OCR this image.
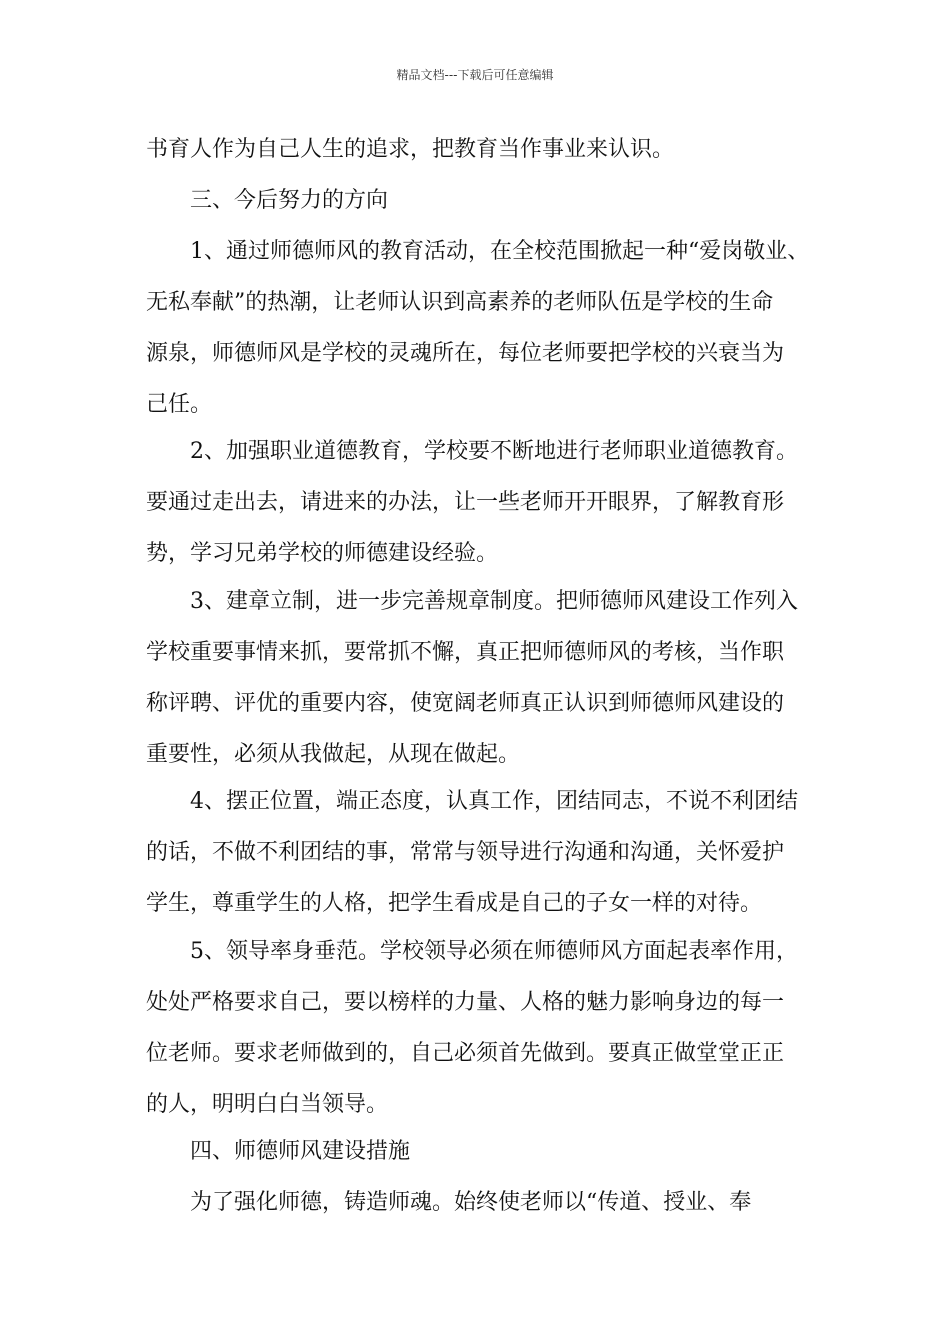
精品文档---下载后可任意编辑
书育人作为自己人生的追求，把教育当作事业来认识。
三、今后努力的方向
1、通过师德师风的教育活动，在全校范围掀起一种“爱岗敬业、
无私奉献”的热潮，让老师认识到高素养的老师队伍是学校的生命
源泉，师德师风是学校的灵魂所在，每位老师要把学校的兴衰当为
己任。
2、加强职业道德教育，学校要不断地进行老师职业道德教育。
要通过走出去，请进来的办法，让一些老师开开眼界，了解教育形
势，学习兄弟学校的师德建设经验。
3、建章立制，进一步完善规章制度。把师德师风建设工作列入
学校重要事情来抓，要常抓不懈，真正把师德师风的考核，当作职
称评聘、评优的重要内容，使宽阔老师真正认识到师德师风建设的
重要性，必须从我做起，从现在做起。
4、摆正位置，端正态度，认真工作，团结同志，不说不利团结
的话，不做不利团结的事，常常与领导进行沟通和沟通，关怀爱护
学生，尊重学生的人格，把学生看成是自己的子女一样的对待。
5、领导率身垂范。学校领导必须在师德师风方面起表率作用，
处处严格要求自己，要以榜样的力量、人格的魅力影响身边的每一
位老师。要求老师做到的，自己必须首先做到。要真正做堂堂正正
的人，明明白白当领导。
四、师德师风建设措施
为了强化师德，铸造师魂。始终使老师以“传道、授业、奉
